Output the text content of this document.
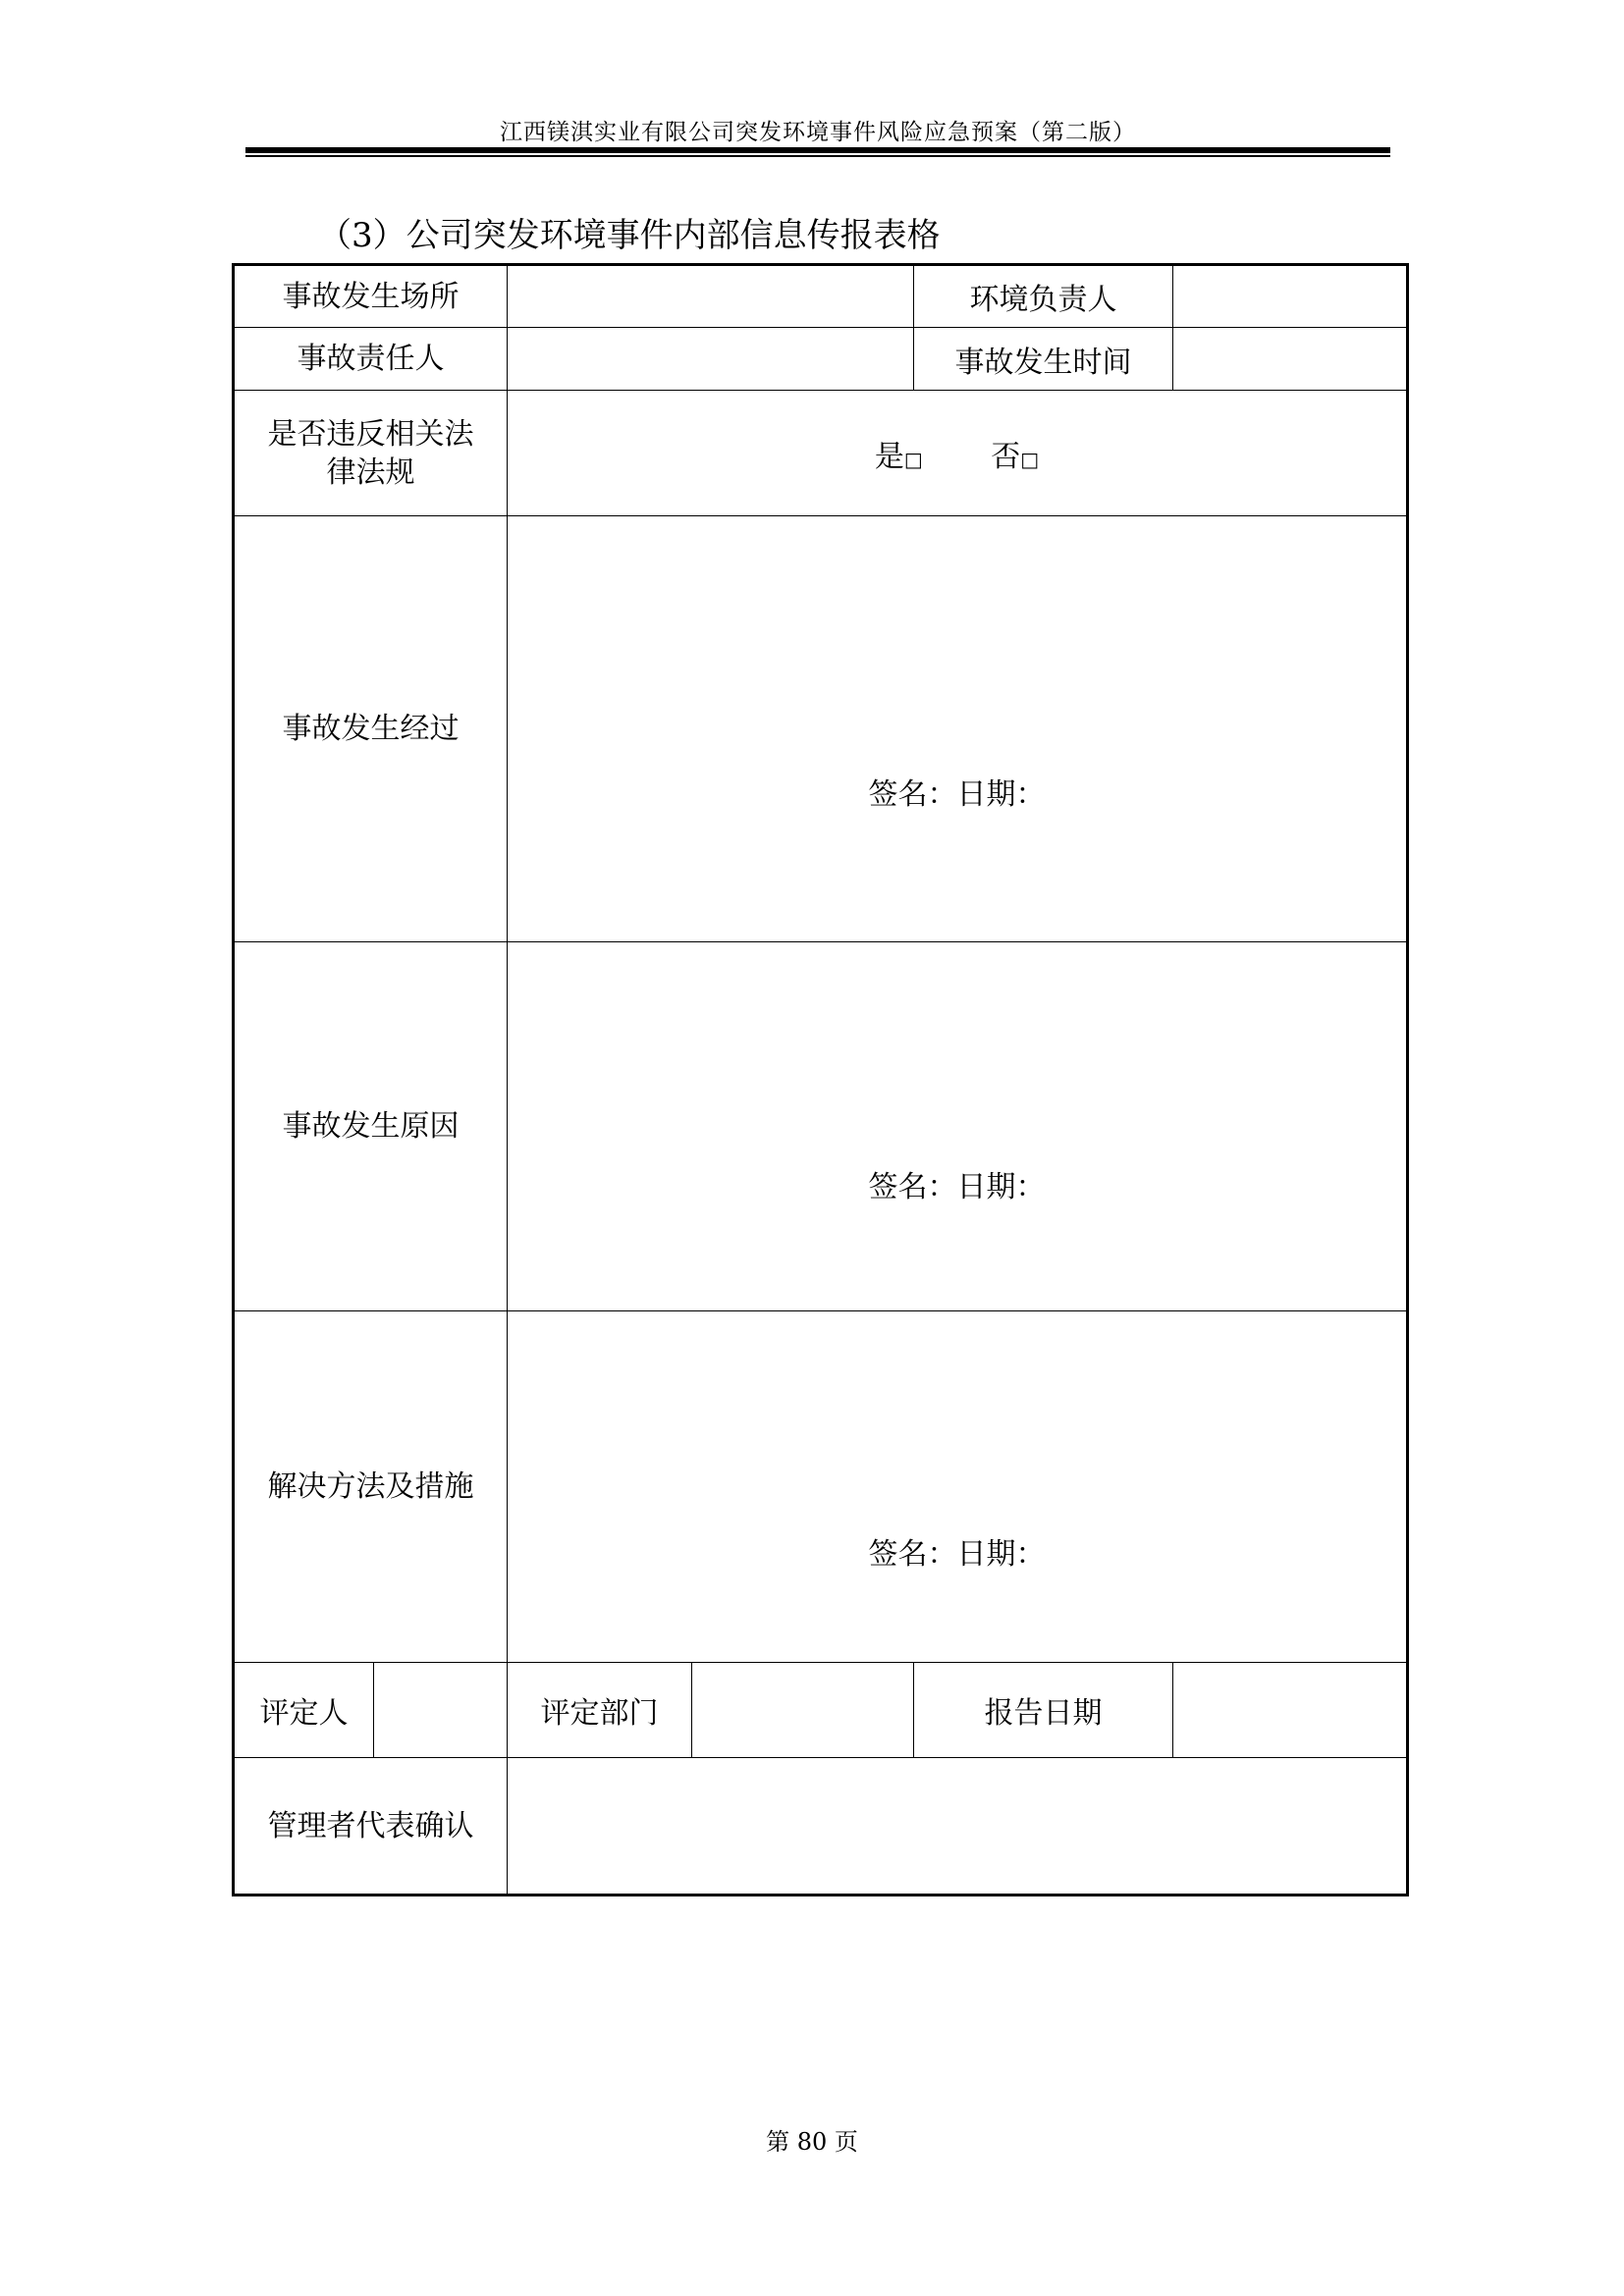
江西镁淇实业有限公司突发环境事件风险应急预案（第二版）
（3）公司突发环境事件内部信息传报表格
事故发生场所				环境负责人	
事故责任人				事故发生时间	

是否违反相关法
律法规		是□ 否□			
事故发生经过		签名：日期：			

事故发生原因		签名：日期：			

解决方法及措施		签名：日期：			

评定人		评定部门		报告日期	
管理者代表确认					
第 80 页
